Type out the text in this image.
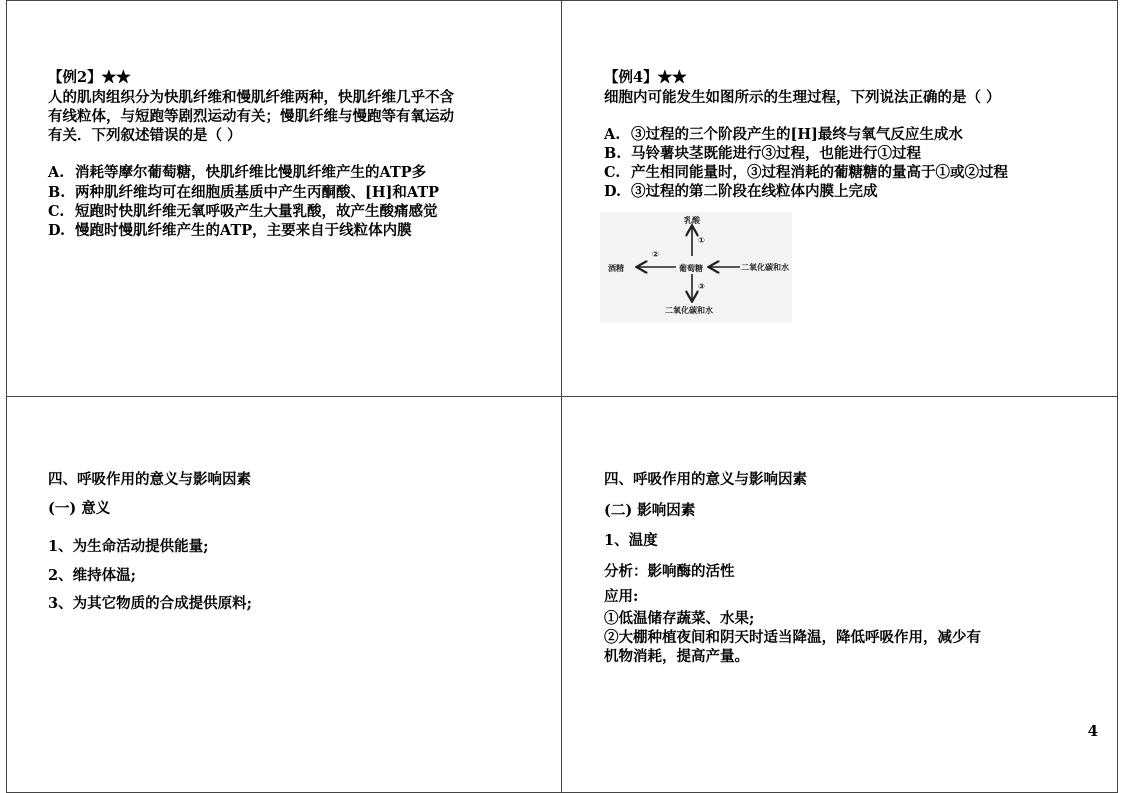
【例2】★★
人的肌肉组织分为快肌纤维和慢肌纤维两种，快肌纤维几乎不含
有线粒体，与短跑等剧烈运动有关；慢肌纤维与慢跑等有氧运动
有关．下列叙述错误的是（ ）
A. 消耗等摩尔葡萄糖，快肌纤维比慢肌纤维产生的ATP多
B. 两种肌纤维均可在细胞质基质中产生丙酮酸、[H]和ATP
C. 短跑时快肌纤维无氧呼吸产生大量乳酸，故产生酸痛感觉
D. 慢跑时慢肌纤维产生的ATP，主要来自于线粒体内膜
【例4】★★
细胞内可能发生如图所示的生理过程，下列说法正确的是（ ）
A. ③过程的三个阶段产生的[H]最终与氧气反应生成水
B. 马铃薯块茎既能进行③过程，也能进行①过程
C. 产生相同能量时，③过程消耗的葡糖糖的量高于①或②过程
D. ③过程的第二阶段在线粒体内膜上完成
乳酸
①
酒精
②
葡萄糖	二氧化碳和水
③
二氧化碳和水
四、呼吸作用的意义与影响因素
(一) 意义
1、为生命活动提供能量;
2、维持体温;
3、为其它物质的合成提供原料;
四、呼吸作用的意义与影响因素
(二) 影响因素
1、温度
分析：影响酶的活性
应用:
①低温储存蔬菜、水果;
②大棚种植夜间和阴天时适当降温，降低呼吸作用，减少有
机物消耗，提高产量。
4
